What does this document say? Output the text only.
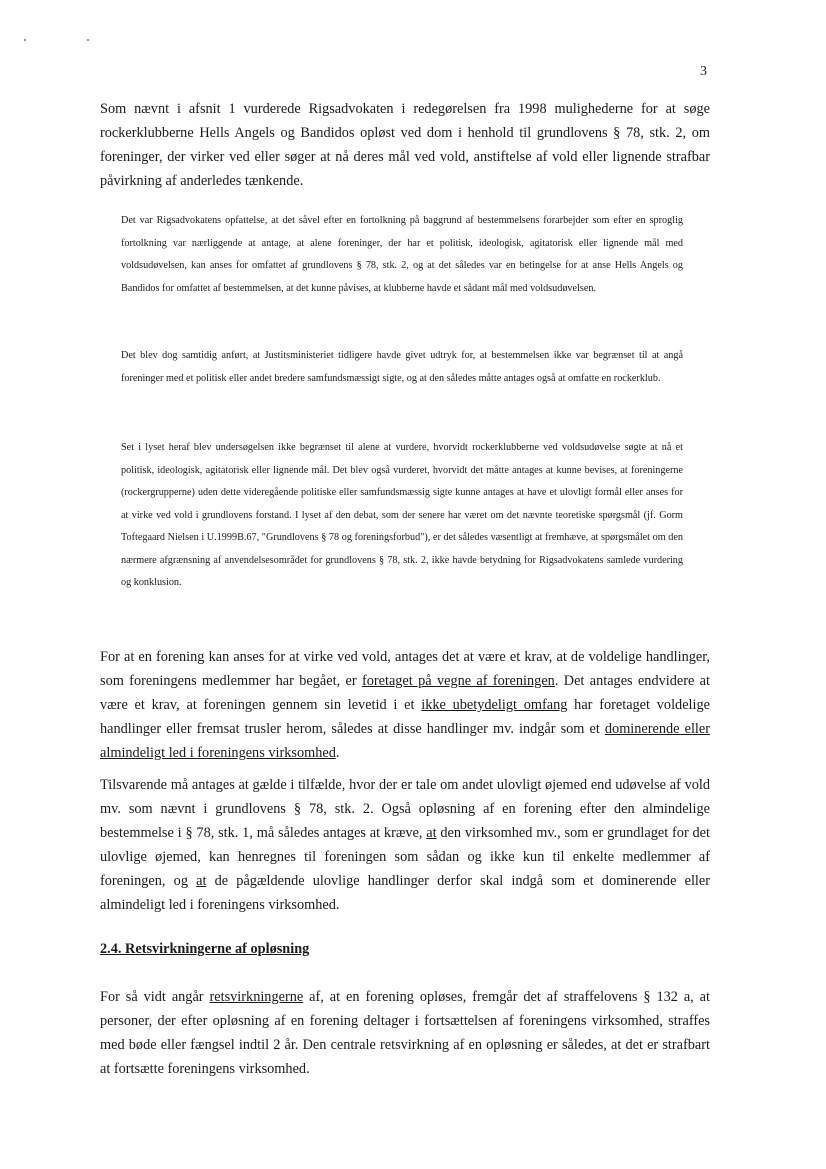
3

Som nævnt i afsnit 1 vurderede Rigsadvokaten i redegørelsen fra 1998 mulighederne for at søge rockerklubberne Hells Angels og Bandidos opløst ved dom i henhold til grundlovens § 78, stk. 2, om foreninger, der virker ved eller søger at nå deres mål ved vold, anstiftelse af vold eller lignende strafbar påvirkning af anderledes tænkende.

Det var Rigsadvokatens opfattelse, at det såvel efter en fortolkning på baggrund af bestemmelsens forarbejder som efter en sproglig fortolkning var nærliggende at antage, at alene foreninger, der har et politisk, ideologisk, agitatorisk eller lignende mål med voldsudøvelsen, kan anses for omfattet af grundlovens § 78, stk. 2, og at det således var en betingelse for at anse Hells Angels og Bandidos for omfattet af bestemmelsen, at det kunne påvises, at klubberne havde et sådant mål med voldsudøvelsen.

Det blev dog samtidig anført, at Justitsministeriet tidligere havde givet udtryk for, at bestemmelsen ikke var begrænset til at angå foreninger med et politisk eller andet bredere samfundsmæssigt sigte, og at den således måtte antages også at omfatte en rockerklub.

Set i lyset heraf blev undersøgelsen ikke begrænset til alene at vurdere, hvorvidt rockerklubberne ved voldsudøvelse søgte at nå et politisk, ideologisk, agitatorisk eller lignende mål. Det blev også vurderet, hvorvidt det måtte antages at kunne bevises, at foreningerne (rockergrupperne) uden dette videregående politiske eller samfundsmæssig sigte kunne antages at have et ulovligt formål eller anses for at virke ved vold i grundlovens forstand. I lyset af den debat, som der senere har været om det nævnte teoretiske spørgsmål (jf. Gorm Toftegaard Nielsen i U.1999B.67, "Grundlovens § 78 og foreningsforbud"), er det således væsentligt at fremhæve, at spørgsmålet om den nærmere afgrænsning af anvendelsesområdet for grundlovens § 78, stk. 2, ikke havde betydning for Rigsadvokatens samlede vurdering og konklusion.

For at en forening kan anses for at virke ved vold, antages det at være et krav, at de voldelige handlinger, som foreningens medlemmer har begået, er foretaget på vegne af foreningen. Det antages endvidere at være et krav, at foreningen gennem sin levetid i et ikke ubetydeligt omfang har foretaget voldelige handlinger eller fremsat trusler herom, således at disse handlinger mv. indgår som et dominerende eller almindeligt led i foreningens virksomhed.

Tilsvarende må antages at gælde i tilfælde, hvor der er tale om andet ulovligt øjemed end udøvelse af vold mv. som nævnt i grundlovens § 78, stk. 2. Også opløsning af en forening efter den almindelige bestemmelse i § 78, stk. 1, må således antages at kræve, at den virksomhed mv., som er grundlaget for det ulovlige øjemed, kan henregnes til foreningen som sådan og ikke kun til enkelte medlemmer af foreningen, og at de pågældende ulovlige handlinger derfor skal indgå som et dominerende eller almindeligt led i foreningens virksomhed.

2.4. Retsvirkningerne af opløsning

For så vidt angår retsvirkningerne af, at en forening opløses, fremgår det af straffelovens § 132 a, at personer, der efter opløsning af en forening deltager i fortsættelsen af foreningens virksomhed, straffes med bøde eller fængsel indtil 2 år. Den centrale retsvirkning af en opløsning er således, at det er strafbart at fortsætte foreningens virksomhed.
